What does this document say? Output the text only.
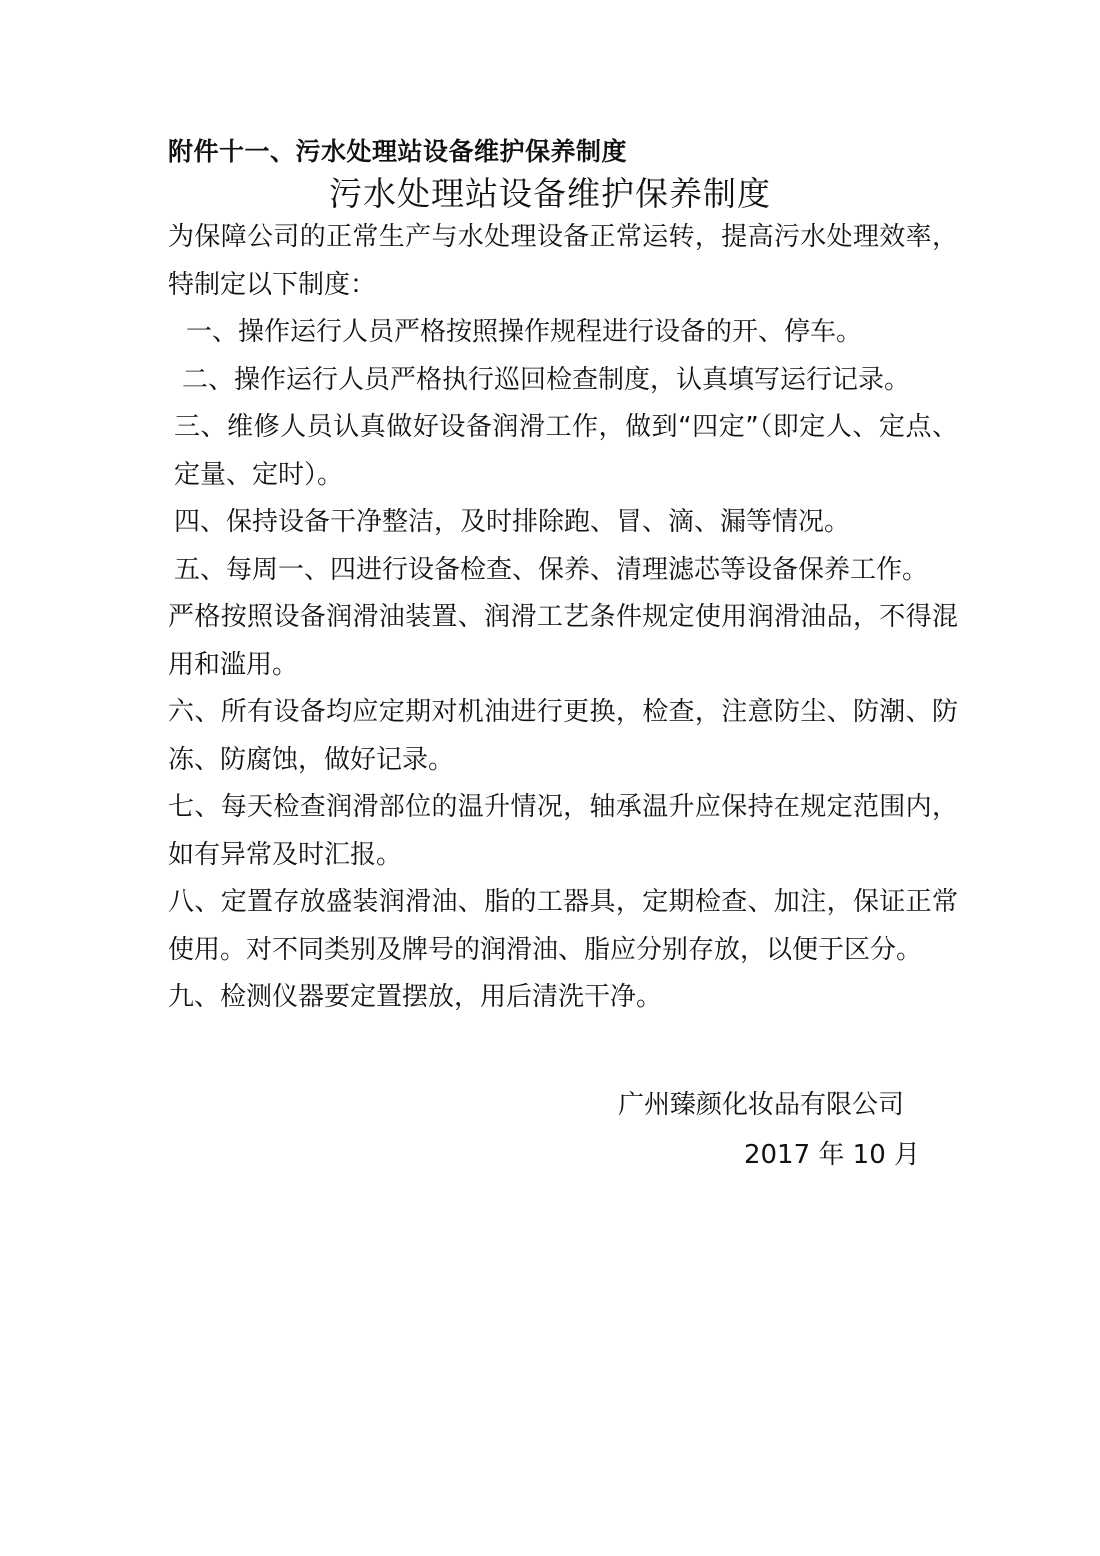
附件十一、污水处理站设备维护保养制度
污水处理站设备维护保养制度

为保障公司的正常生产与水处理设备正常运转，提高污水处理效率，特制定以下制度：

一、操作运行人员严格按照操作规程进行设备的开、停车。

二、操作运行人员严格执行巡回检查制度，认真填写运行记录。

三、维修人员认真做好设备润滑工作，做到“四定”（即定人、定点、定量、定时）。

四、保持设备干净整洁，及时排除跑、冒、滴、漏等情况。

五、每周一、四进行设备检查、保养、清理滤芯等设备保养工作。

严格按照设备润滑油装置、润滑工艺条件规定使用润滑油品，不得混用和滥用。

六、所有设备均应定期对机油进行更换，检查，注意防尘、防潮、防冻、防腐蚀，做好记录。

七、每天检查润滑部位的温升情况，轴承温升应保持在规定范围内，如有异常及时汇报。

八、定置存放盛装润滑油、脂的工器具，定期检查、加注，保证正常使用。对不同类别及牌号的润滑油、脂应分别存放，以便于区分。

九、检测仪器要定置摆放，用后清洗干净。

广州臻颜化妆品有限公司
2017 年 10 月
